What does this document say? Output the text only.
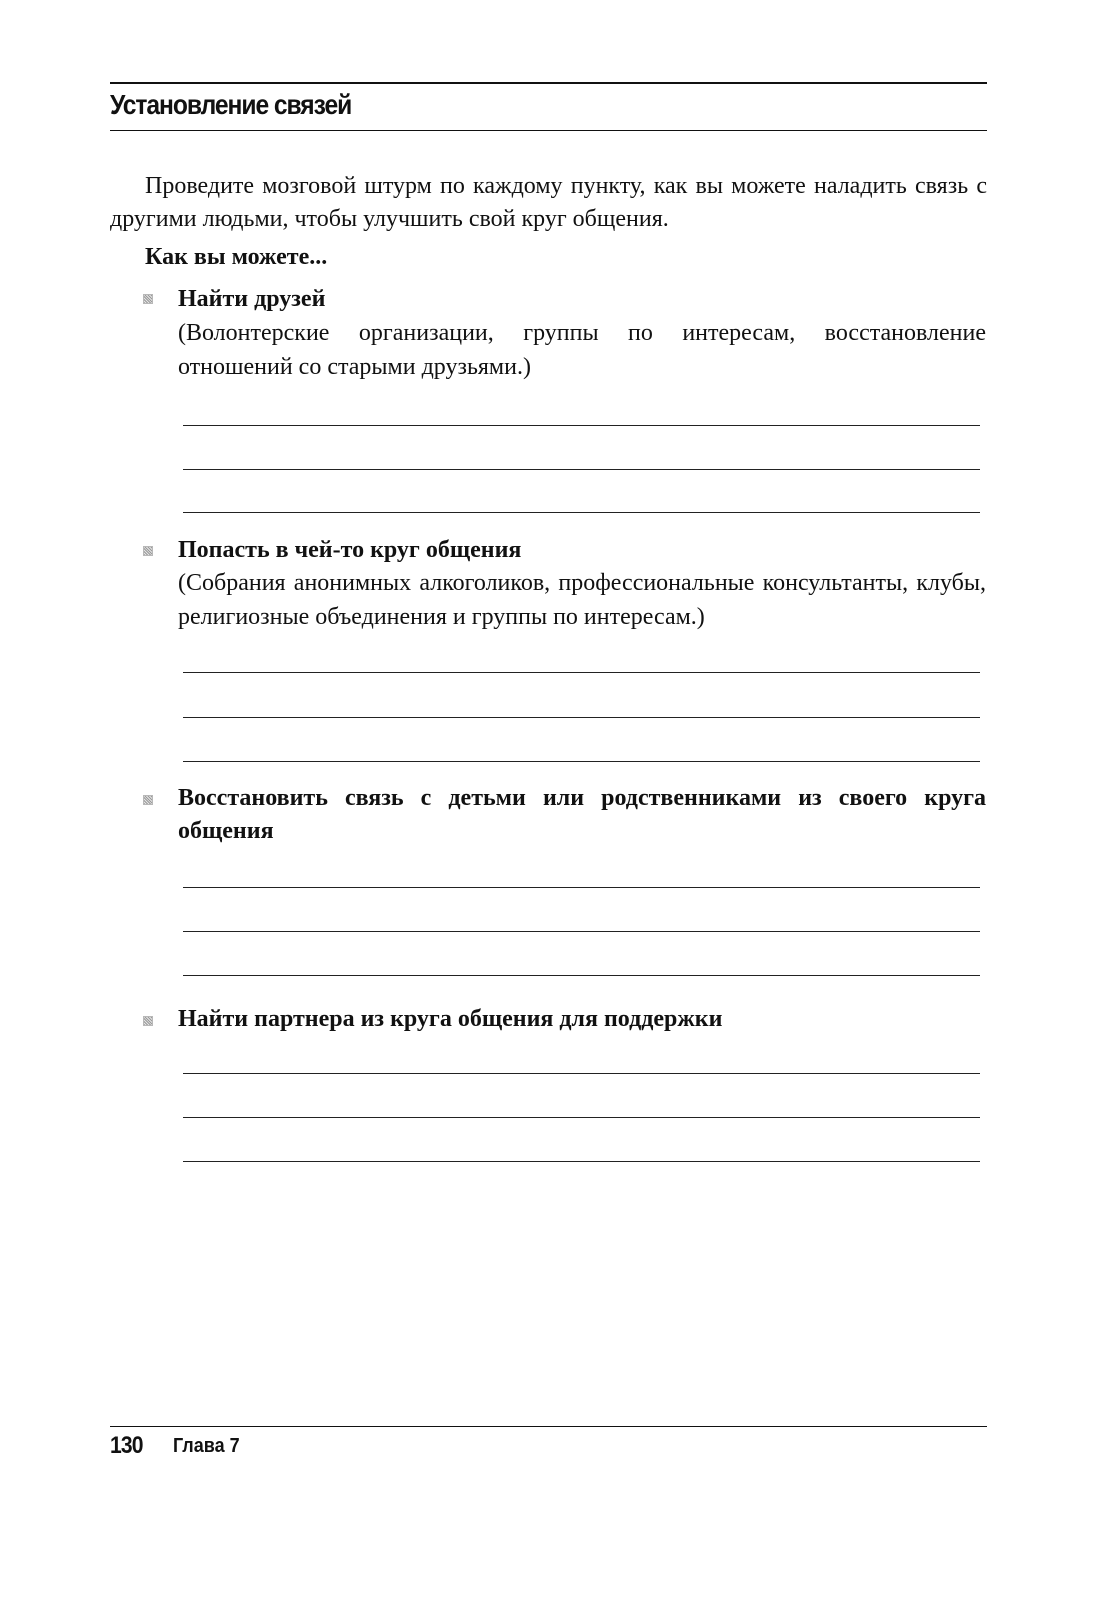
Установление связей
Проведите мозговой штурм по каждому пункту, как вы можете наладить связь с другими людьми, чтобы улучшить свой круг общения.
Как вы можете...
Найти друзей
(Волонтерские организации, группы по интересам, восстановление отношений со старыми друзьями.)
Попасть в чей-то круг общения
(Собрания анонимных алкоголиков, профессиональные консультанты, клубы, религиозные объединения и группы по интересам.)
Восстановить связь с детьми или родственниками из своего круга общения
Найти партнера из круга общения для поддержки
130 Глава 7
